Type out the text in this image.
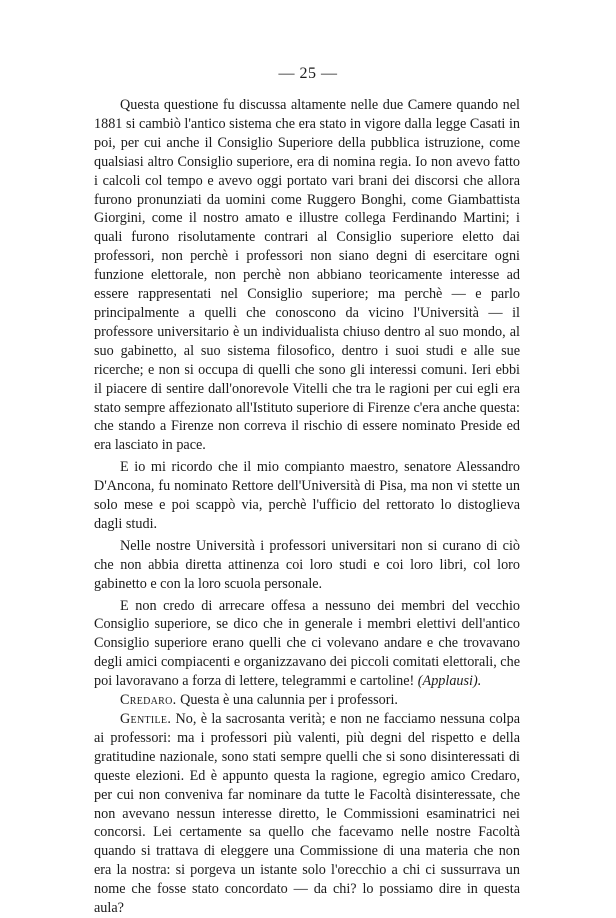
— 25 —

Questa questione fu discussa altamente nelle due Camere quando nel 1881 si cambiò l'antico sistema che era stato in vigore dalla legge Casati in poi, per cui anche il Consiglio Superiore della pubblica istruzione, come qualsiasi altro Consiglio superiore, era di nomina regia. Io non avevo fatto i calcoli col tempo e avevo oggi portato vari brani dei discorsi che allora furono pronunziati da uomini come Ruggero Bonghi, come Giambattista Giorgini, come il nostro amato e illustre collega Ferdinando Martini; i quali furono risolutamente contrari al Consiglio superiore eletto dai professori, non perchè i professori non siano degni di esercitare ogni funzione elettorale, non perchè non abbiano teoricamente interesse ad essere rappresentati nel Consiglio superiore; ma perchè — e parlo principalmente a quelli che conoscono da vicino l'Università — il professore universitario è un individualista chiuso dentro al suo mondo, al suo gabinetto, al suo sistema filosofico, dentro i suoi studi e alle sue ricerche; e non si occupa di quelli che sono gli interessi comuni. Ieri ebbi il piacere di sentire dall'onorevole Vitelli che tra le ragioni per cui egli era stato sempre affezionato all'Istituto superiore di Firenze c'era anche questa: che stando a Firenze non correva il rischio di essere nominato Preside ed era lasciato in pace.

E io mi ricordo che il mio compianto maestro, senatore Alessandro D'Ancona, fu nominato Rettore dell'Università di Pisa, ma non vi stette un solo mese e poi scappò via, perchè l'ufficio del rettorato lo distoglieva dagli studi.

Nelle nostre Università i professori universitari non si curano di ciò che non abbia diretta attinenza coi loro studi e coi loro libri, col loro gabinetto e con la loro scuola personale.

E non credo di arrecare offesa a nessuno dei membri del vecchio Consiglio superiore, se dico che in generale i membri elettivi dell'antico Consiglio superiore erano quelli che ci volevano andare e che trovavano degli amici compiacenti e organizzavano dei piccoli comitati elettorali, che poi lavoravano a forza di lettere, telegrammi e cartoline! (Applausi).

Credaro. Questa è una calunnia per i professori.

Gentile. No, è la sacrosanta verità; e non ne facciamo nessuna colpa ai professori: ma i professori più valenti, più degni del rispetto e della gratitudine nazionale, sono stati sempre quelli che si sono disinteressati di queste elezioni. Ed è appunto questa la ragione, egregio amico Credaro, per cui non conveniva far nominare da tutte le Facoltà disinteressate, che non avevano nessun interesse diretto, le Commissioni esaminatrici nei concorsi. Lei certamente sa quello che facevamo nelle nostre Facoltà quando si trattava di eleggere una Commissione di una materia che non era la nostra: si porgeva un istante solo l'orecchio a chi ci sussurrava un nome che fosse stato concordato — da chi? lo possiamo dire in questa aula?
